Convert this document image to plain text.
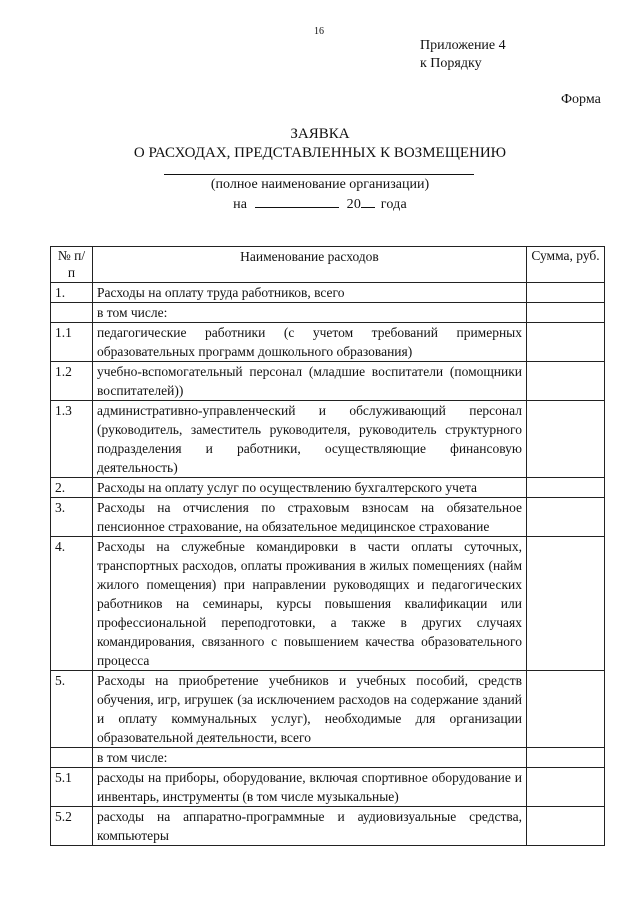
16
Приложение 4
к Порядку
Форма
ЗАЯВКА
О РАСХОДАХ, ПРЕДСТАВЛЕННЫХ К ВОЗМЕЩЕНИЮ
(полное наименование организации)
на	20 года
№ п/п	Наименование расходов	Сумма, руб.
1.	Расходы на оплату труда работников, всего	
	в том числе:	
1.1	педагогические работники (с учетом требований примерных образовательных программ дошкольного образования)	
1.2	учебно-вспомогательный персонал (младшие воспитатели (помощники воспитателей))	
1.3	административно-управленческий и обслуживающий персонал (руководитель, заместитель руководителя, руководитель структурного подразделения и работники, осуществляющие финансовую деятельность)	
2.	Расходы на оплату услуг по осуществлению бухгалтерского учета	
3.	Расходы на отчисления по страховым взносам на обязательное пенсионное страхование, на обязательное медицинское страхование	
4.	Расходы на служебные командировки в части оплаты суточных, транспортных расходов, оплаты проживания в жилых помещениях (найм жилого помещения) при направлении руководящих и педагогических работников на семинары, курсы повышения квалификации или профессиональной переподготовки, а также в других случаях командирования, связанного с повышением качества образовательного процесса	
5.	Расходы на приобретение учебников и учебных пособий, средств обучения, игр, игрушек (за исключением расходов на содержание зданий и оплату коммунальных услуг), необходимые для организации образовательной деятельности, всего	
	в том числе:	
5.1	расходы на приборы, оборудование, включая спортивное оборудование и инвентарь, инструменты (в том числе музыкальные)	
5.2	расходы на аппаратно-программные и аудиовизуальные средства, компьютеры	
